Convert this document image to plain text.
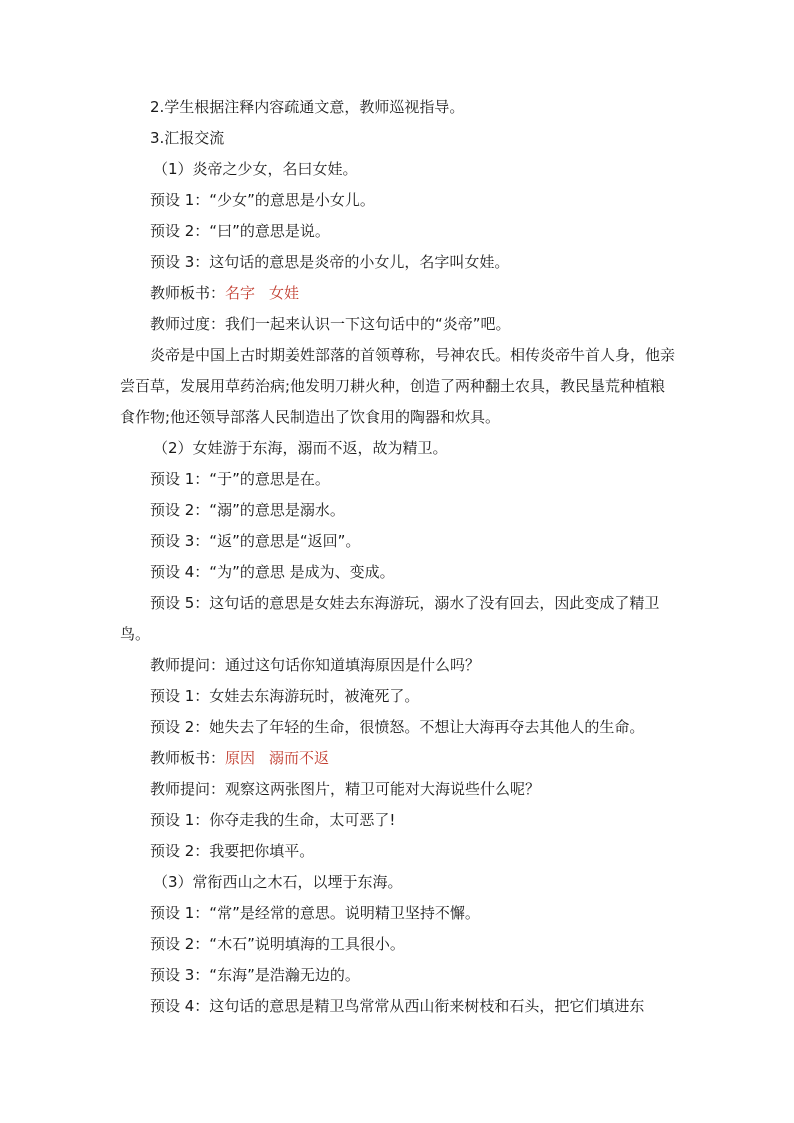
2.学生根据注释内容疏通文意，教师巡视指导。
3.汇报交流
（1）炎帝之少女，名曰女娃。
预设 1：“少女”的意思是小女儿。
预设 2：“曰”的意思是说。
预设 3：这句话的意思是炎帝的小女儿，名字叫女娃。
教师板书：名字 女娃
教师过度：我们一起来认识一下这句话中的“炎帝”吧。
炎帝是中国上古时期姜姓部落的首领尊称，号神农氏。相传炎帝牛首人身，他亲尝百草，发展用草药治病;他发明刀耕火种，创造了两种翻土农具，教民垦荒种植粮食作物;他还领导部落人民制造出了饮食用的陶器和炊具。
（2）女娃游于东海，溺而不返，故为精卫。
预设 1：“于”的意思是在。
预设 2：“溺”的意思是溺水。
预设 3：“返”的意思是“返回”。
预设 4：“为”的意思 是成为、变成。
预设 5：这句话的意思是女娃去东海游玩，溺水了没有回去，因此变成了精卫鸟。
教师提问：通过这句话你知道填海原因是什么吗？
预设 1：女娃去东海游玩时，被淹死了。
预设 2：她失去了年轻的生命，很愤怒。不想让大海再夺去其他人的生命。
教师板书：原因 溺而不返
教师提问：观察这两张图片，精卫可能对大海说些什么呢？
预设 1：你夺走我的生命，太可恶了!
预设 2：我要把你填平。
（3）常衔西山之木石，以堙于东海。
预设 1：“常”是经常的意思。说明精卫坚持不懈。
预设 2：“木石”说明填海的工具很小。
预设 3：“东海”是浩瀚无边的。
预设 4：这句话的意思是精卫鸟常常从西山衔来树枝和石头，把它们填进东
